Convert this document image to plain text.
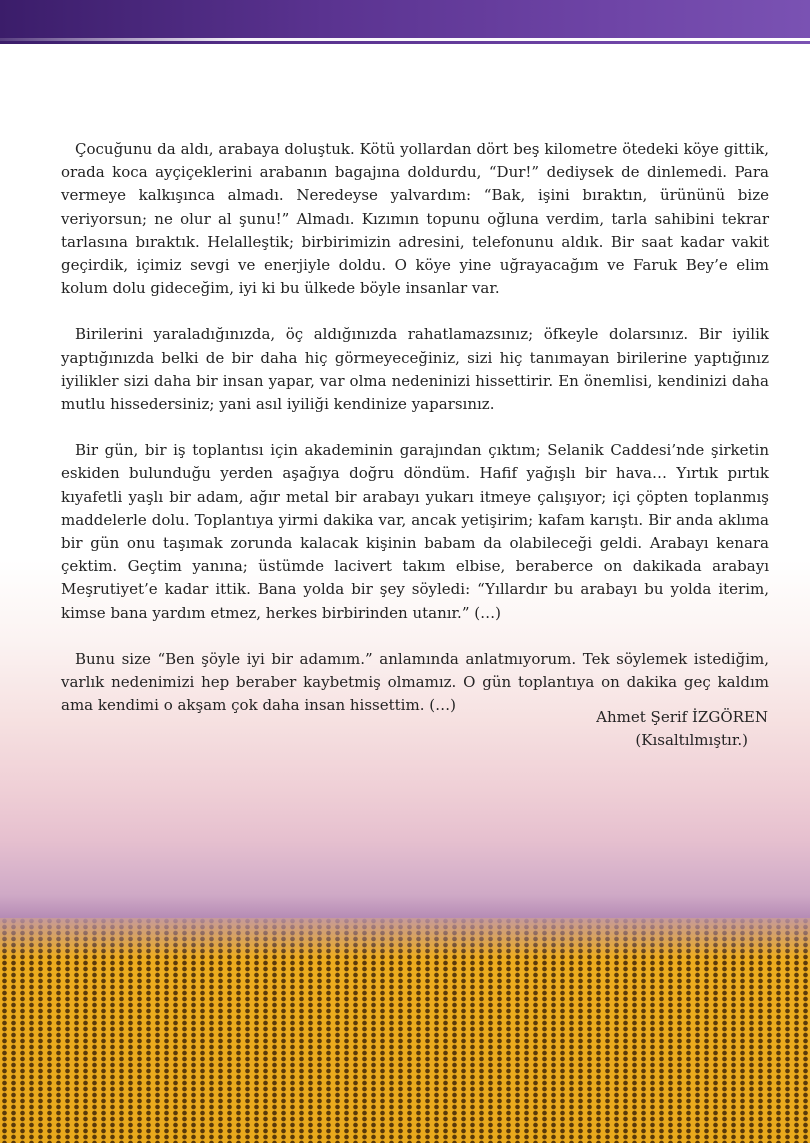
Çocuğunu da aldı, arabaya doluştuk. Kötü yollardan dört beş kilometre ötedeki köye gittik, orada koca ayçiçeklerini arabanın bagajına doldurdu, “Dur!” dediysek de dinlemedi. Para vermeye kalkışınca almadı. Neredeyse yalvardım: “Bak, işini bıraktın, ürününü bize veriyorsun; ne olur al şunu!” Almadı. Kızımın topunu oğluna verdim, tarla sahibini tekrar tarlasına bıraktık. Helalleştik; birbirimizin adresini, telefonunu aldık. Bir saat kadar vakit geçirdik, içimiz sevgi ve enerjiyle doldu. O köye yine uğrayacağım ve Faruk Bey’e elim kolum dolu gideceğim, iyi ki bu ülkede böyle insanlar var.

Birilerini yaraladığınızda, öç aldığınızda rahatlamazsınız; öfkeyle dolarsınız. Bir iyilik yaptığınızda belki de bir daha hiç görmeyeceğiniz, sizi hiç tanımayan birilerine yaptığınız iyilikler sizi daha bir insan yapar, var olma nedeninizi hissettirir. En önemlisi, kendinizi daha mutlu hissedersiniz; yani asıl iyiliği kendinize yaparsınız.

Bir gün, bir iş toplantısı için akademinin garajından çıktım; Selanik Caddesi’nde şirketin eskiden bulunduğu yerden aşağıya doğru döndüm. Hafif yağışlı bir hava… Yırtık pırtık kıyafetli yaşlı bir adam, ağır metal bir arabayı yukarı itmeye çalışıyor; içi çöpten toplanmış maddelerle dolu. Toplantıya yirmi dakika var, ancak yetişirim; kafam karıştı. Bir anda aklıma bir gün onu taşımak zorunda kalacak kişinin babam da olabileceği geldi. Arabayı kenara çektim. Geçtim yanına; üstümde lacivert takım elbise, beraberce on dakikada arabayı Meşrutiyet’e kadar ittik. Bana yolda bir şey söyledi: “Yıllardır bu arabayı bu yolda iterim, kimse bana yardım etmez, herkes birbirinden utanır.” (…)

Bunu size “Ben şöyle iyi bir adamım.” anlamında anlatmıyorum. Tek söylemek istediğim, varlık nedenimizi hep beraber kaybetmiş olmamız. O gün toplantıya on dakika geç kaldım ama kendimi o akşam çok daha insan hissettim. (…)

Ahmet Şerif İZGÖREN
(Kısaltılmıştır.)
